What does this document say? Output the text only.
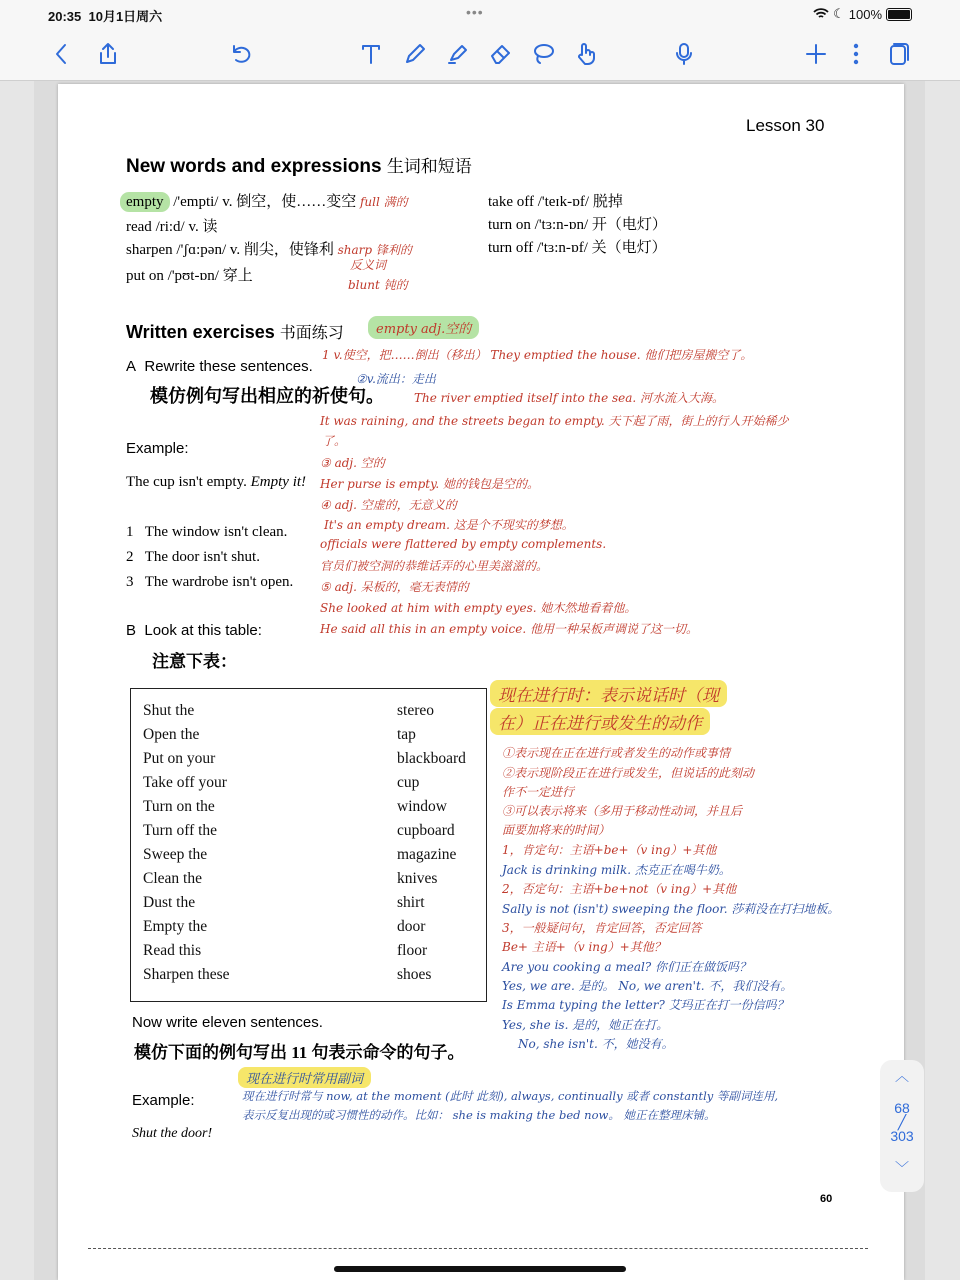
20:35 10月1日周六	•••	☾ 100%
Lesson 30
New words and expressions 生词和短语
empty /'empti/ v. 倒空，使……变空 full 满的
read /ri:d/ v. 读
sharpen /'ʃɑ:pən/ v. 削尖，使锋利 sharp 锋利的
反义词
put on /'pʊt-ɒn/ 穿上
blunt 钝的
take off /'teɪk-ɒf/ 脱掉
turn on /'tɜ:n-ɒn/ 开（电灯）
turn off /'tɜ:n-ɒf/ 关（电灯）
Written exercises 书面练习	empty adj.空的
A Rewrite these sentences.
模仿例句写出相应的祈使句。
Example:
The cup isn't empty. Empty it!
1 The window isn't clean.
2 The door isn't shut.
3 The wardrobe isn't open.
1 v.使空，把……倒出（移出） They emptied the house. 他们把房屋搬空了。
②v.流出：走出
The river emptied itself into the sea. 河水流入大海。
It was raining, and the streets began to empty. 天下起了雨，街上的行人开始稀少
了。
③ adj. 空的
Her purse is empty. 她的钱包是空的。
④ adj. 空虚的，无意义的
It's an empty dream. 这是个不现实的梦想。
officials were flattered by empty complements.
官员们被空洞的恭维话弄的心里美滋滋的。
⑤ adj. 呆板的，毫无表情的
She looked at him with empty eyes. 她木然地看着他。
He said all this in an empty voice. 他用一种呆板声调说了这一切。
B Look at this table:
注意下表：
Shut the	stereo
Open the	tap
Put on your	blackboard
Take off your	cup
Turn on the	window
Turn off the	cupboard
Sweep the	magazine
Clean the	knives
Dust the	shirt
Empty the	door
Read this	floor
Sharpen these	shoes
现在进行时：表示说话时（现
在）正在进行或发生的动作
①表示现在正在进行或者发生的动作或事情
②表示现阶段正在进行或发生，但说话的此刻动
作不一定进行
③可以表示将来（多用于移动性动词，并且后
面要加将来的时间）
1，肯定句：主语+be+（v ing）+其他
Jack is drinking milk. 杰克正在喝牛奶。
2，否定句：主语+be+not（v ing）+其他
Sally is not (isn't) sweeping the floor. 莎莉没在打扫地板。
3，一般疑问句，肯定回答，否定回答
Be+ 主语+（v ing）+其他？
Are you cooking a meal? 你们正在做饭吗？
Yes, we are. 是的。 No, we aren't. 不，我们没有。
Is Emma typing the letter? 艾玛正在打一份信吗？
Yes, she is. 是的，她正在打。
No, she isn't. 不，她没有。
Now write eleven sentences.
模仿下面的例句写出 11 句表示命令的句子。
现在进行时常用副词
现在进行时常与 now, at the moment (此时 此刻), always, continually 或者 constantly 等副词连用,
表示反复出现的或习惯性的动作。比如： she is making the bed now。 她正在整理床铺。
Example:
Shut the door!
60
︿
68
╱
303
﹀
